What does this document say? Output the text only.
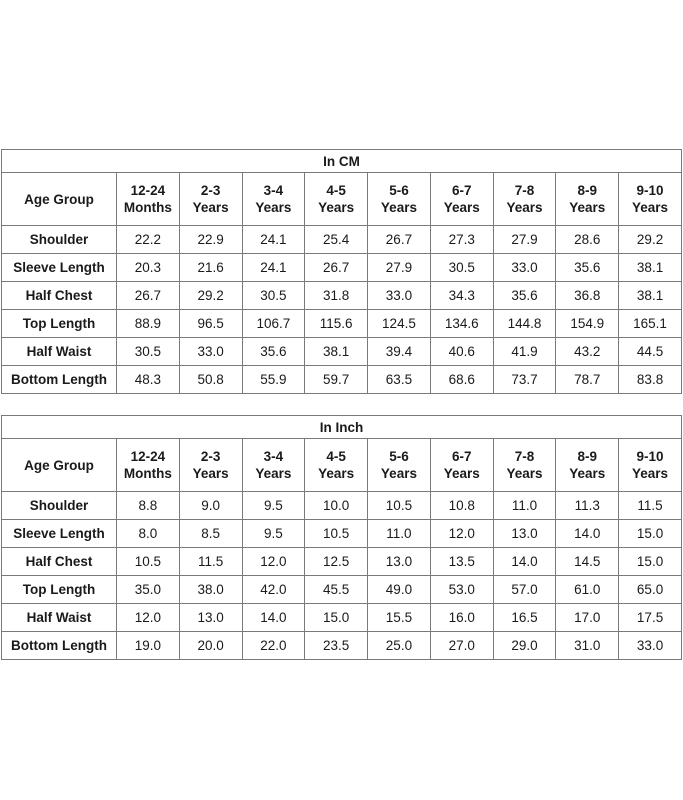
In CM									
Age Group	12-24	2-3	3-4	4-5	5-6	6-7	7-8	8-9	9-10
	Months	Years	Years	Years	Years	Years	Years	Years	Years
Shoulder	22.2	22.9	24.1	25.4	26.7	27.3	27.9	28.6	29.2
Sleeve Length	20.3	21.6	24.1	26.7	27.9	30.5	33.0	35.6	38.1
Half Chest	26.7	29.2	30.5	31.8	33.0	34.3	35.6	36.8	38.1
Top Length	88.9	96.5	106.7	115.6	124.5	134.6	144.8	154.9	165.1
Half Waist	30.5	33.0	35.6	38.1	39.4	40.6	41.9	43.2	44.5
Bottom Length	48.3	50.8	55.9	59.7	63.5	68.6	73.7	78.7	83.8
In Inch									
Age Group	12-24	2-3	3-4	4-5	5-6	6-7	7-8	8-9	9-10
	Months	Years	Years	Years	Years	Years	Years	Years	Years
Shoulder	8.8	9.0	9.5	10.0	10.5	10.8	11.0	11.3	11.5
Sleeve Length	8.0	8.5	9.5	10.5	11.0	12.0	13.0	14.0	15.0
Half Chest	10.5	11.5	12.0	12.5	13.0	13.5	14.0	14.5	15.0
Top Length	35.0	38.0	42.0	45.5	49.0	53.0	57.0	61.0	65.0
Half Waist	12.0	13.0	14.0	15.0	15.5	16.0	16.5	17.0	17.5
Bottom Length	19.0	20.0	22.0	23.5	25.0	27.0	29.0	31.0	33.0
